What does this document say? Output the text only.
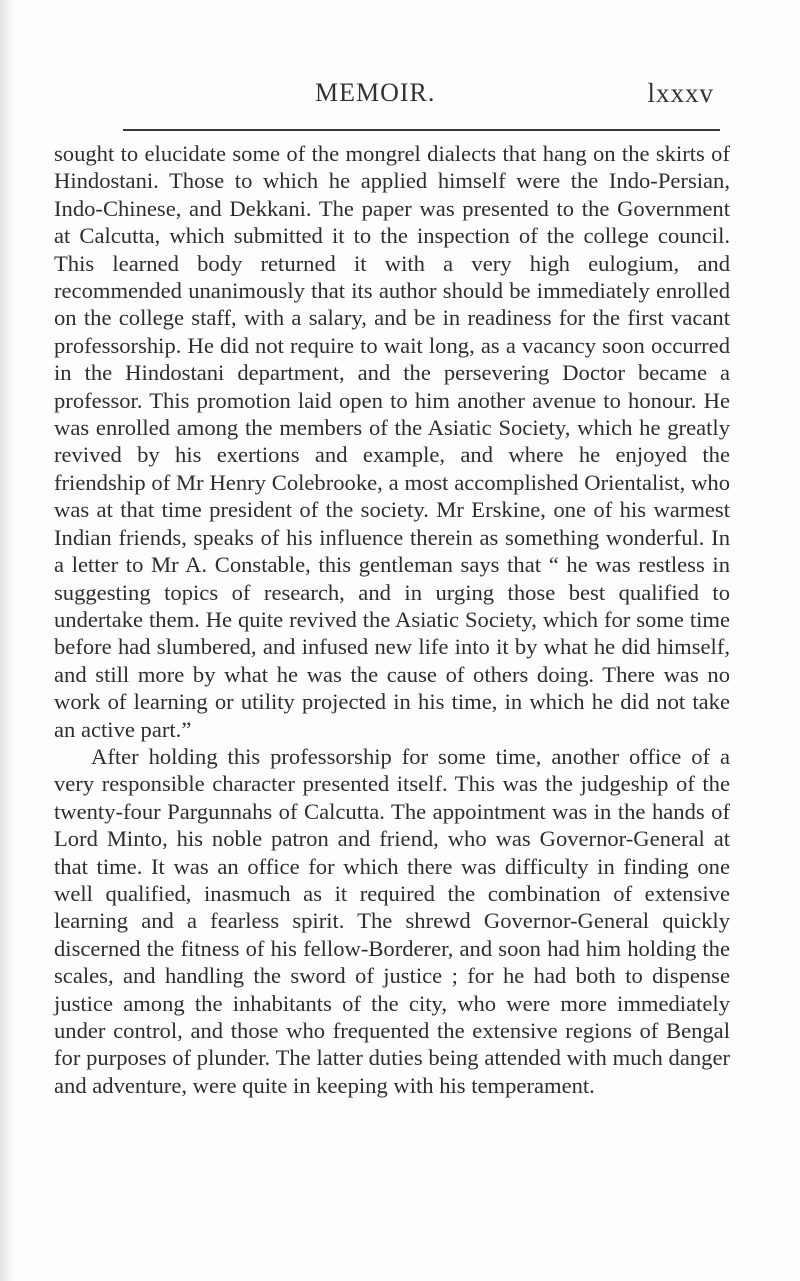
MEMOIR.	lxxxv

sought to elucidate some of the mongrel dialects that hang on the skirts of Hindostani. Those to which he applied himself were the Indo-Persian, Indo-Chinese, and Dekkani. The paper was presented to the Government at Calcutta, which submitted it to the inspection of the college council. This learned body returned it with a very high eulogium, and recommended unanimously that its author should be immediately enrolled on the college staff, with a salary, and be in readiness for the first vacant professorship. He did not require to wait long, as a vacancy soon occurred in the Hindostani department, and the persevering Doctor became a professor. This promotion laid open to him another avenue to honour. He was enrolled among the members of the Asiatic Society, which he greatly revived by his exertions and example, and where he enjoyed the friendship of Mr Henry Colebrooke, a most accomplished Orientalist, who was at that time president of the society. Mr Erskine, one of his warmest Indian friends, speaks of his influence therein as something wonderful. In a letter to Mr A. Constable, this gentleman says that “ he was restless in suggesting topics of research, and in urging those best qualified to undertake them. He quite revived the Asiatic Society, which for some time before had slumbered, and infused new life into it by what he did himself, and still more by what he was the cause of others doing. There was no work of learning or utility projected in his time, in which he did not take an active part.”

After holding this professorship for some time, another office of a very responsible character presented itself. This was the judgeship of the twenty-four Pargunnahs of Calcutta. The appointment was in the hands of Lord Minto, his noble patron and friend, who was Governor-General at that time. It was an office for which there was difficulty in finding one well qualified, inasmuch as it required the combination of extensive learning and a fearless spirit. The shrewd Governor-General quickly discerned the fitness of his fellow-Borderer, and soon had him holding the scales, and handling the sword of justice ; for he had both to dispense justice among the inhabitants of the city, who were more immediately under control, and those who frequented the extensive regions of Bengal for purposes of plunder. The latter duties being attended with much danger and adventure, were quite in keeping with his temperament.
